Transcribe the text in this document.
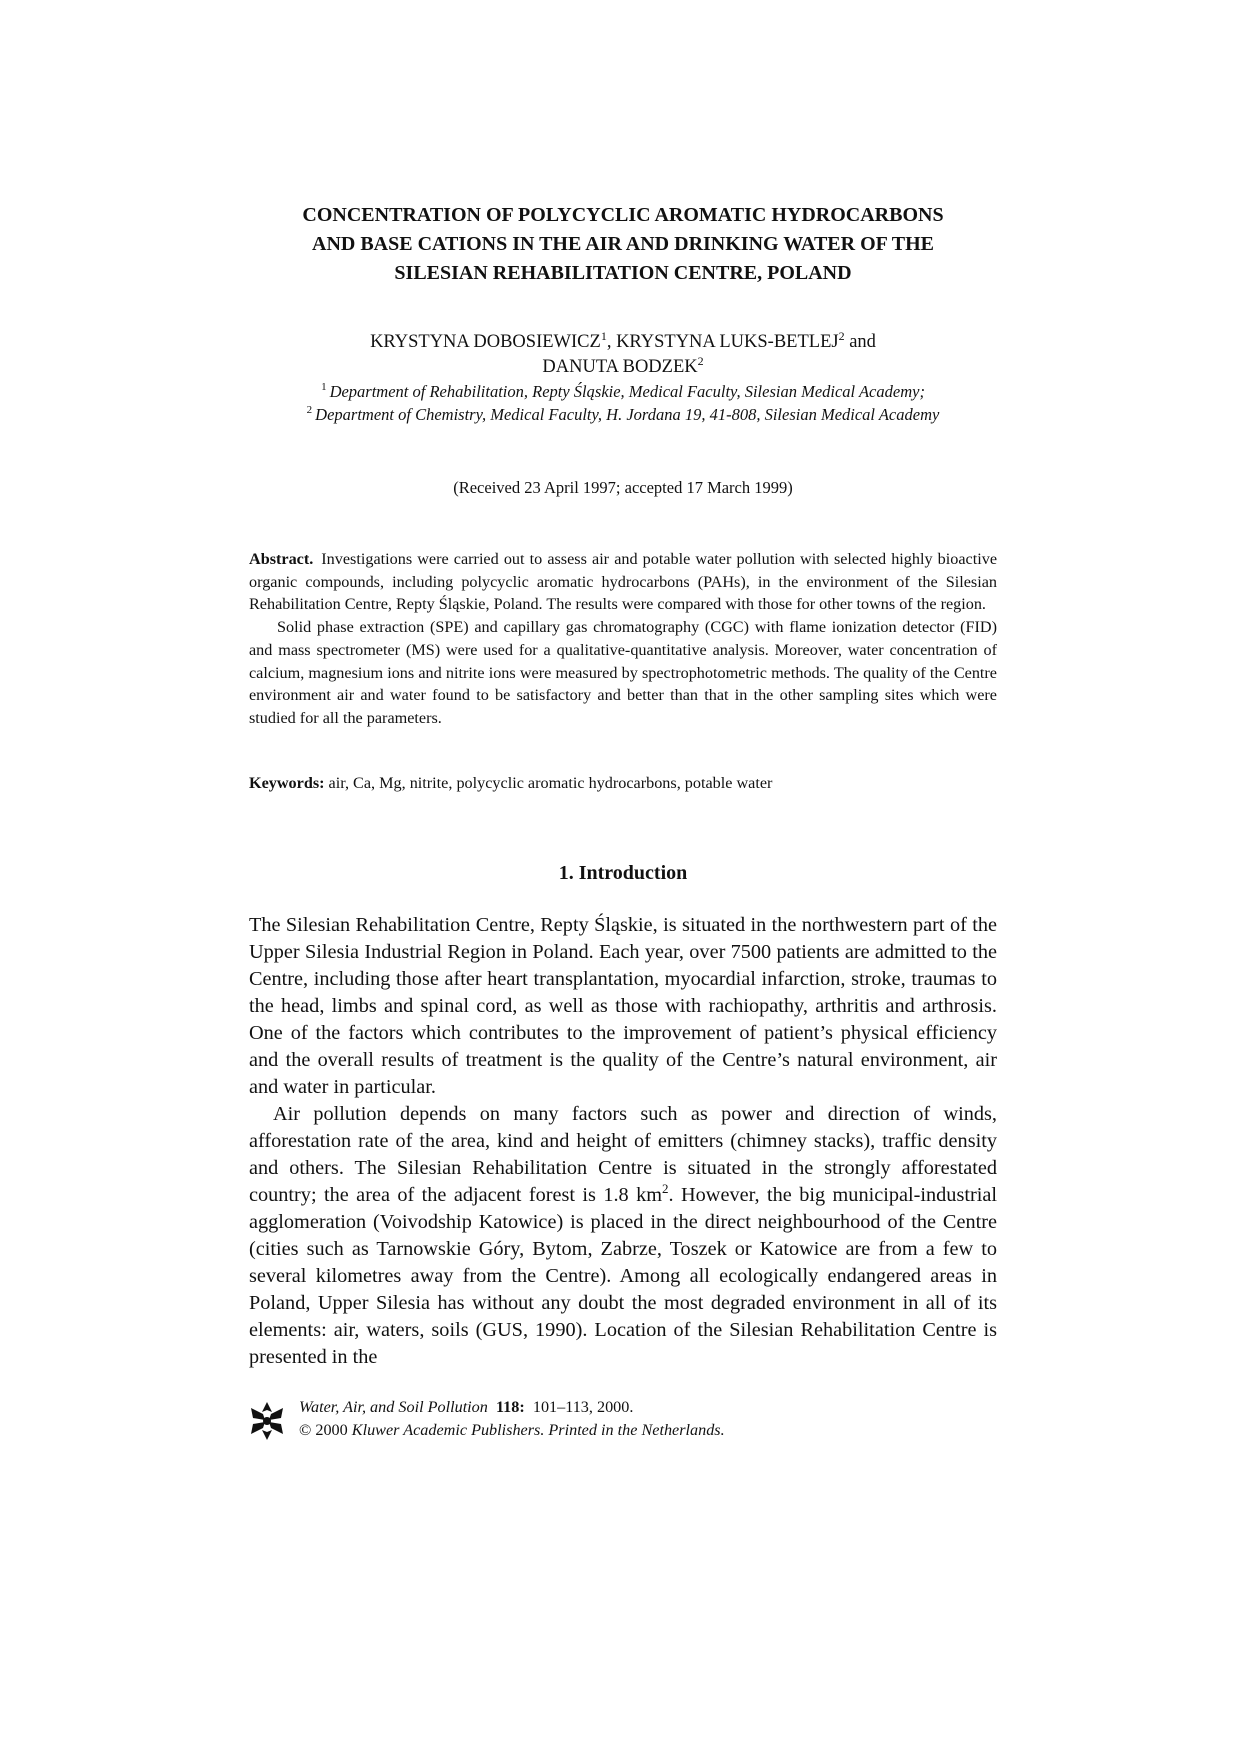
CONCENTRATION OF POLYCYCLIC AROMATIC HYDROCARBONS
AND BASE CATIONS IN THE AIR AND DRINKING WATER OF THE
SILESIAN REHABILITATION CENTRE, POLAND
KRYSTYNA DOBOSIEWICZ$^1$, KRYSTYNA LUKS-BETLEJ$^2$ and
DANUTA BODZEK$^2$
$^1$ Department of Rehabilitation, Repty Śląskie, Medical Faculty, Silesian Medical Academy;
$^2$ Department of Chemistry, Medical Faculty, H. Jordana 19, 41-808, Silesian Medical Academy
(Received 23 April 1997; accepted 17 March 1999)

Abstract. Investigations were carried out to assess air and potable water pollution with selected highly bioactive organic compounds, including polycyclic aromatic hydrocarbons (PAHs), in the environment of the Silesian Rehabilitation Centre, Repty Śląskie, Poland. The results were compared with those for other towns of the region.

Solid phase extraction (SPE) and capillary gas chromatography (CGC) with flame ionization detector (FID) and mass spectrometer (MS) were used for a qualitative-quantitative analysis. Moreover, water concentration of calcium, magnesium ions and nitrite ions were measured by spectrophotometric methods. The quality of the Centre environment air and water found to be satisfactory and better than that in the other sampling sites which were studied for all the parameters.

Keywords: air, Ca, Mg, nitrite, polycyclic aromatic hydrocarbons, potable water
1. Introduction

The Silesian Rehabilitation Centre, Repty Śląskie, is situated in the northwestern part of the Upper Silesia Industrial Region in Poland. Each year, over 7500 patients are admitted to the Centre, including those after heart transplantation, myocardial infarction, stroke, traumas to the head, limbs and spinal cord, as well as those with rachiopathy, arthritis and arthrosis. One of the factors which contributes to the improvement of patient’s physical efficiency and the overall results of treatment is the quality of the Centre’s natural environment, air and water in particular.

Air pollution depends on many factors such as power and direction of winds, afforestation rate of the area, kind and height of emitters (chimney stacks), traffic density and others. The Silesian Rehabilitation Centre is situated in the strongly afforestated country; the area of the adjacent forest is 1.8 $km^2$. However, the big municipal-industrial agglomeration (Voivodship Katowice) is placed in the direct neighbourhood of the Centre (cities such as Tarnowskie Góry, Bytom, Zabrze, Toszek or Katowice are from a few to several kilometres away from the Centre). Among all ecologically endangered areas in Poland, Upper Silesia has without any doubt the most degraded environment in all of its elements: air, waters, soils (GUS, 1990). Location of the Silesian Rehabilitation Centre is presented in the

Water, Air, and Soil Pollution 118: 101–113, 2000.
© 2000 Kluwer Academic Publishers. Printed in the Netherlands.
